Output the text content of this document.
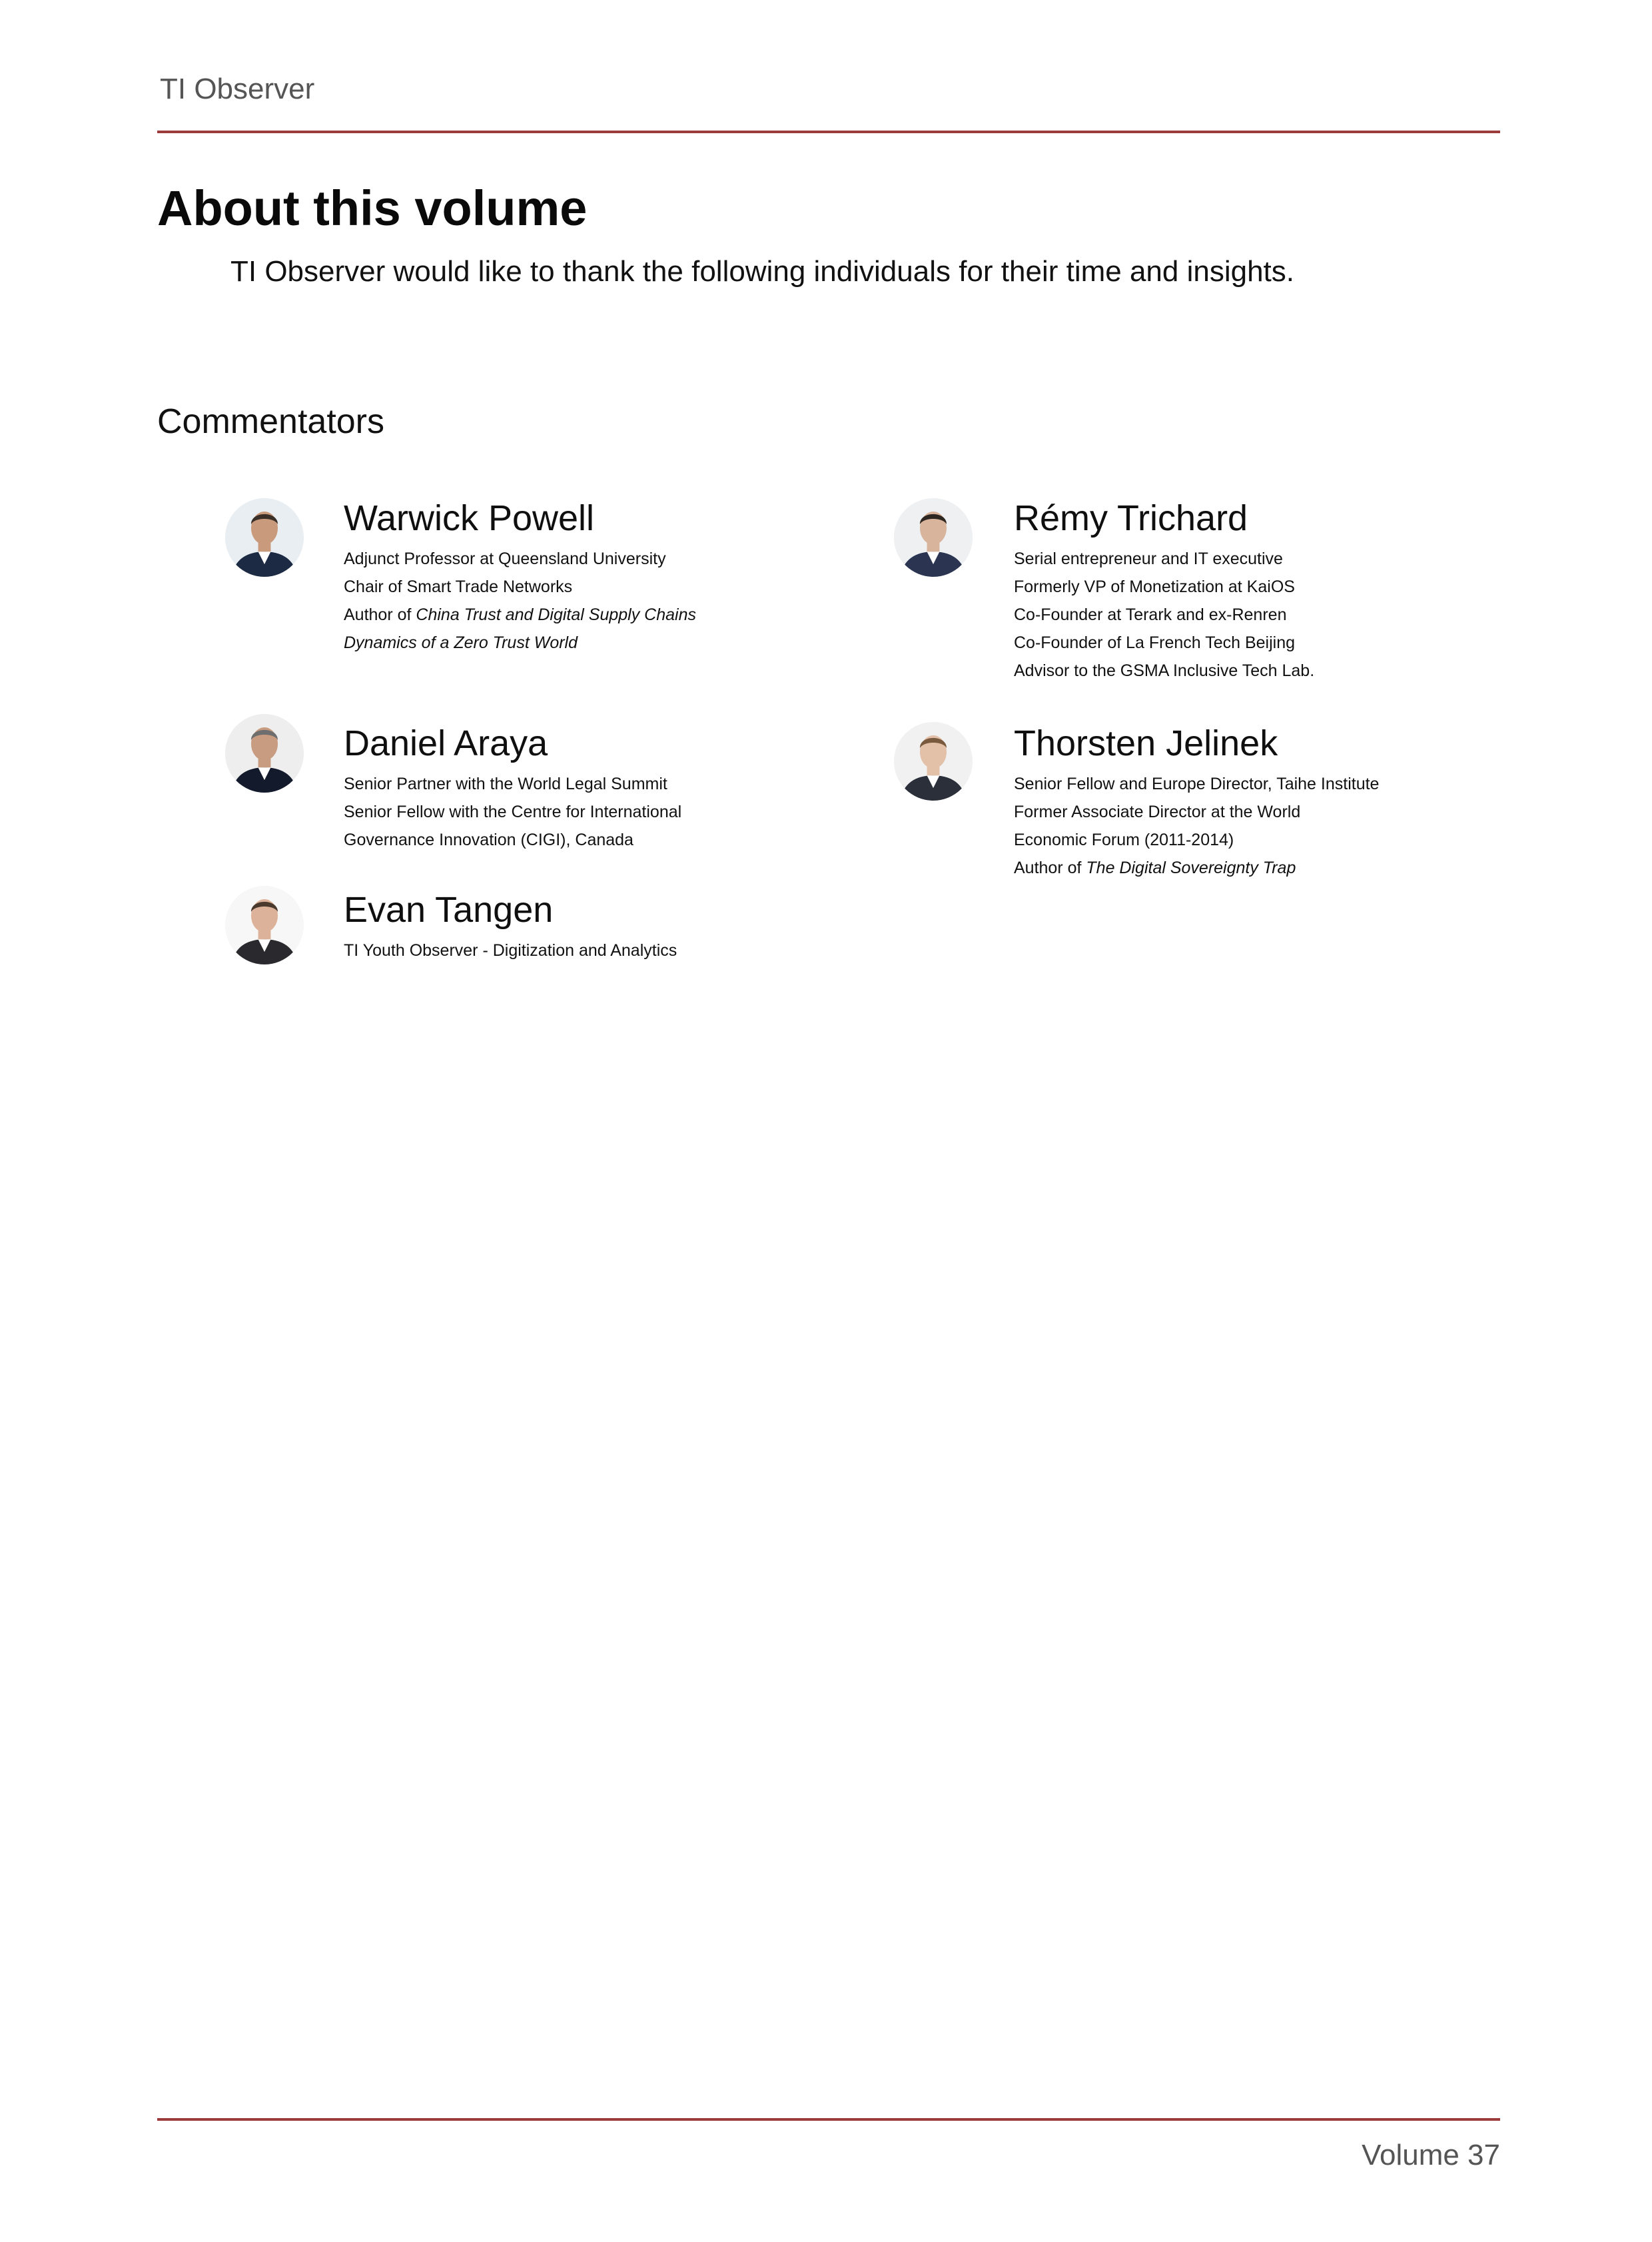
TI Observer
About this volume

TI Observer would like to thank the following individuals for their time and insights.

Commentators
Warwick Powell
Adjunct Professor at Queensland University
Chair of Smart Trade Networks
Author of China Trust and Digital Supply Chains
Dynamics of a Zero Trust World
Rémy Trichard
Serial entrepreneur and IT executive
Formerly VP of Monetization at KaiOS
Co-Founder at Terark and ex-Renren
Co-Founder of La French Tech Beijing
Advisor to the GSMA Inclusive Tech Lab.
Daniel Araya
Senior Partner with the World Legal Summit
Senior Fellow with the Centre for International
Governance Innovation (CIGI), Canada
Thorsten Jelinek
Senior Fellow and Europe Director, Taihe Institute
Former Associate Director at the World
Economic Forum (2011-2014)
Author of The Digital Sovereignty Trap
Evan Tangen
TI Youth Observer - Digitization and Analytics
Volume 37
